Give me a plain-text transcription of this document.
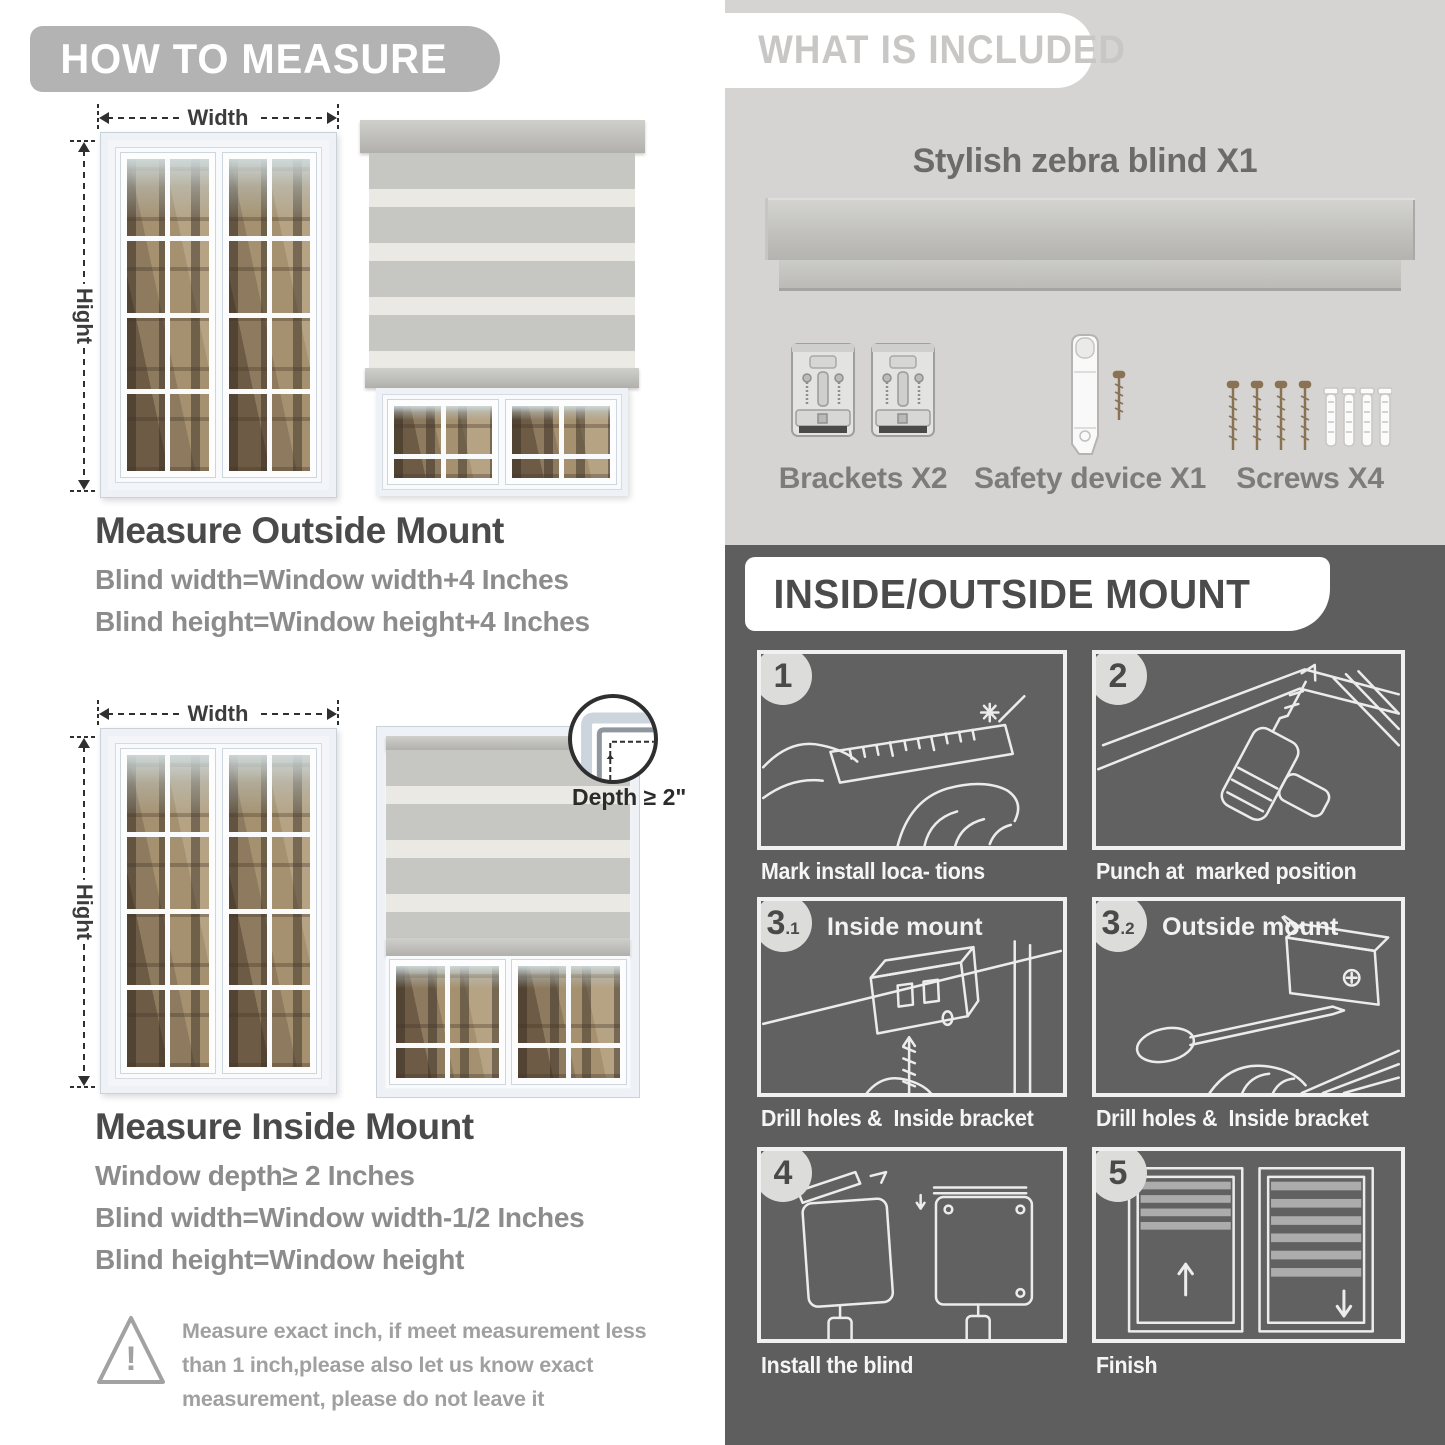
HOW TO MEASURE
Width
Hight
Measure Outside Mount
Blind width=Window width+4 Inches
Blind height=Window height+4 Inches
Width
Hight
Depth ≥ 2"
Measure Inside Mount
Window depth≥ 2 Inches
Blind width=Window width-1/2 Inches
Blind height=Window height
!
Measure exact inch, if meet measurement less than 1 inch,please also let us know exact measurement, please do not leave it
WHAT IS INCLUDED
Stylish zebra blind X1
Brackets X2 Safety device X1	Screws X4
INSIDE/OUTSIDE MOUNT
1	2
3 .1 Inside mount	3 .2 Outside mount
4	5
Mark install loca- tions	Punch at  marked position
Drill holes &  Inside bracket	Drill holes &  Inside bracket
Install the blind	Finish
